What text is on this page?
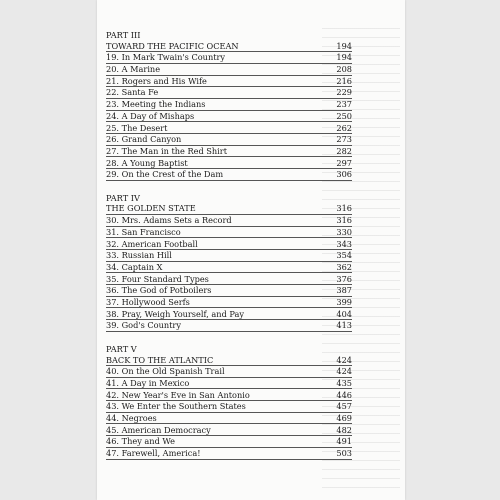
PART III
TOWARD THE PACIFIC OCEAN	194
19. In Mark Twain's Country	194
20. A Marine	208
21. Rogers and His Wife	216
22. Santa Fe	229
23. Meeting the Indians	237
24. A Day of Mishaps	250
25. The Desert	262
26. Grand Canyon	273
27. The Man in the Red Shirt	282
28. A Young Baptist	297
29. On the Crest of the Dam	306
PART IV
THE GOLDEN STATE	316
30. Mrs. Adams Sets a Record	316
31. San Francisco	330
32. American Football	343
33. Russian Hill	354
34. Captain X	362
35. Four Standard Types	376
36. The God of Potboilers	387
37. Hollywood Serfs	399
38. Pray, Weigh Yourself, and Pay	404
39. God's Country	413
PART V
BACK TO THE ATLANTIC	424
40. On the Old Spanish Trail	424
41. A Day in Mexico	435
42. New Year's Eve in San Antonio	446
43. We Enter the Southern States	457
44. Negroes	469
45. American Democracy	482
46. They and We	491
47. Farewell, America!	503
